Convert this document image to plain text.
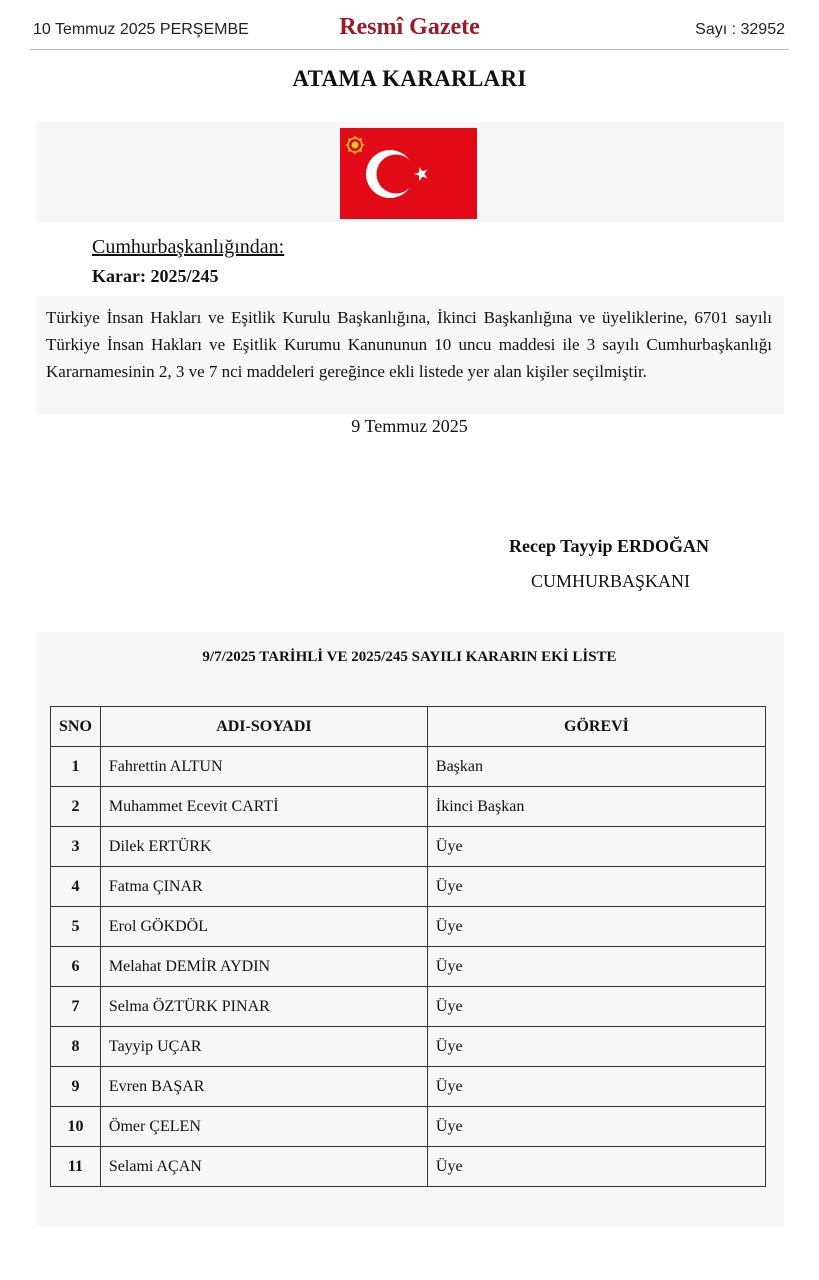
10 Temmuz 2025 PERŞEMBE	Resmî Gazete	Sayı : 32952
ATAMA KARARLARI
Cumhurbaşkanlığından:
Karar: 2025/245
Türkiye İnsan Hakları ve Eşitlik Kurulu Başkanlığına, İkinci Başkanlığına ve üyeliklerine, 6701 sayılı Türkiye İnsan Hakları ve Eşitlik Kurumu Kanununun 10 uncu maddesi ile 3 sayılı Cumhurbaşkanlığı Kararnamesinin 2, 3 ve 7 nci maddeleri gereğince ekli listede yer alan kişiler seçilmiştir.
9 Temmuz 2025
Recep Tayyip ERDOĞAN
CUMHURBAŞKANI
9/7/2025 TARİHLİ VE 2025/245 SAYILI KARARIN EKİ LİSTE
SNO	ADI-SOYADI	GÖREVİ
1	Fahrettin ALTUN	Başkan
2	Muhammet Ecevit CARTİ	İkinci Başkan
3	Dilek ERTÜRK	Üye
4	Fatma ÇINAR	Üye
5	Erol GÖKDÖL	Üye
6	Melahat DEMİR AYDIN	Üye
7	Selma ÖZTÜRK PINAR	Üye
8	Tayyip UÇAR	Üye
9	Evren BAŞAR	Üye
10	Ömer ÇELEN	Üye
11	Selami AÇAN	Üye
